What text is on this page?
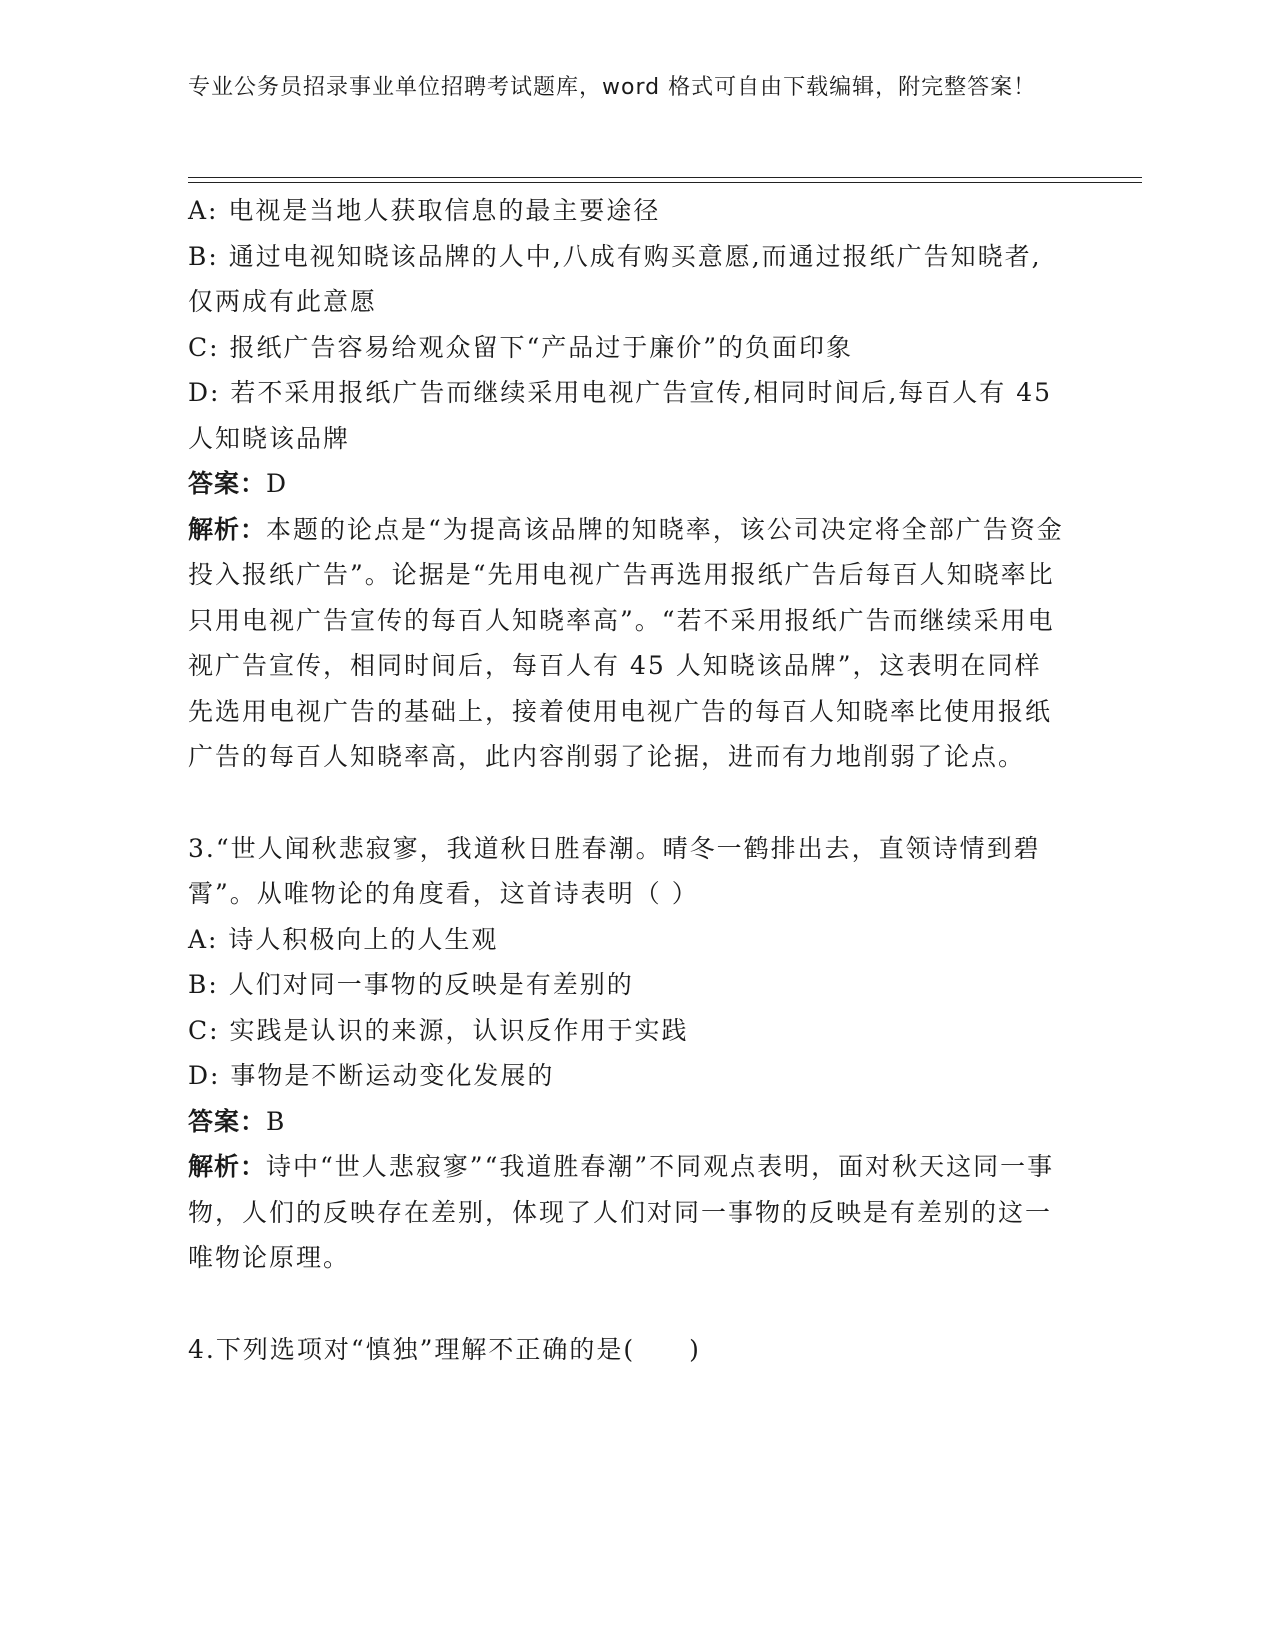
专业公务员招录事业单位招聘考试题库，word 格式可自由下载编辑，附完整答案！

A: 电视是当地人获取信息的最主要途径

B: 通过电视知晓该品牌的人中,八成有购买意愿,而通过报纸广告知晓者,仅两成有此意愿

C: 报纸广告容易给观众留下“产品过于廉价”的负面印象

D: 若不采用报纸广告而继续采用电视广告宣传,相同时间后,每百人有 45 人知晓该品牌

答案：D

解析：本题的论点是“为提高该品牌的知晓率，该公司决定将全部广告资金投入报纸广告”。论据是“先用电视广告再选用报纸广告后每百人知晓率比只用电视广告宣传的每百人知晓率高”。“若不采用报纸广告而继续采用电视广告宣传，相同时间后，每百人有 45 人知晓该品牌”，这表明在同样先选用电视广告的基础上，接着使用电视广告的每百人知晓率比使用报纸广告的每百人知晓率高，此内容削弱了论据，进而有力地削弱了论点。

3.“世人闻秋悲寂寥，我道秋日胜春潮。晴冬一鹤排出去，直领诗情到碧霄”。从唯物论的角度看，这首诗表明（ ）

A: 诗人积极向上的人生观

B: 人们对同一事物的反映是有差别的

C: 实践是认识的来源，认识反作用于实践

D: 事物是不断运动变化发展的

答案：B

解析：诗中“世人悲寂寥”“我道胜春潮”不同观点表明，面对秋天这同一事物，人们的反映存在差别，体现了人们对同一事物的反映是有差别的这一唯物论原理。

4.下列选项对“慎独”理解不正确的是(　　)
